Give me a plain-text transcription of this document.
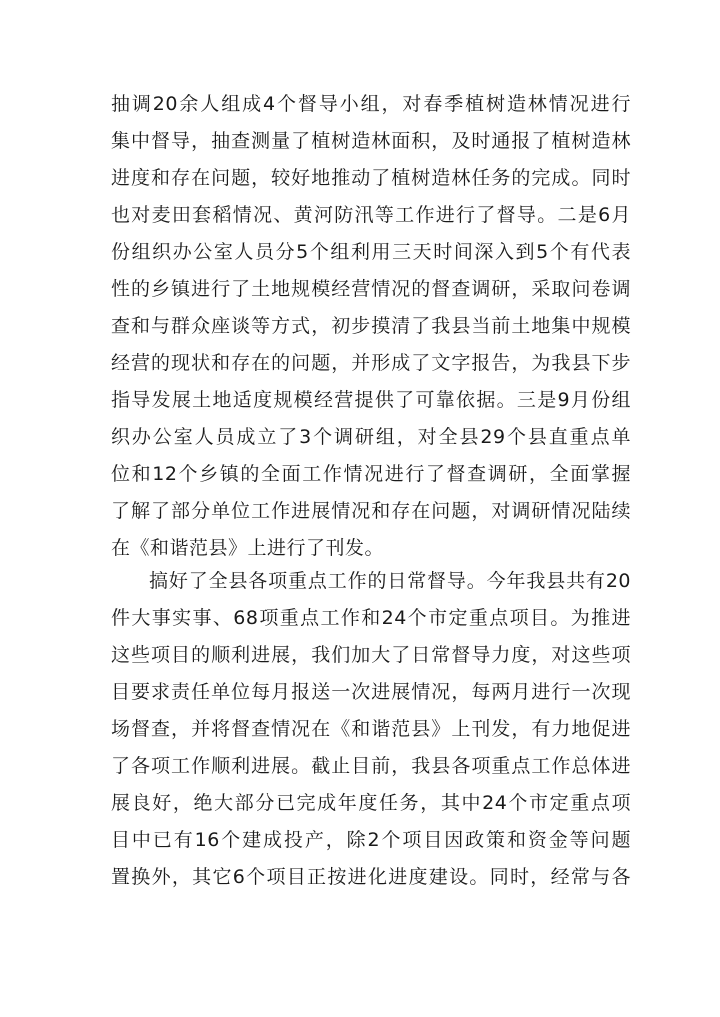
抽调20余人组成4个督导小组，对春季植树造林情况进行
集中督导，抽查测量了植树造林面积，及时通报了植树造林
进度和存在问题，较好地推动了植树造林任务的完成。同时
也对麦田套稻情况、黄河防汛等工作进行了督导。二是6月
份组织办公室人员分5个组利用三天时间深入到5个有代表
性的乡镇进行了土地规模经营情况的督查调研，采取问卷调
查和与群众座谈等方式，初步摸清了我县当前土地集中规模
经营的现状和存在的问题，并形成了文字报告，为我县下步
指导发展土地适度规模经营提供了可靠依据。三是9月份组
织办公室人员成立了3个调研组，对全县29个县直重点单
位和12个乡镇的全面工作情况进行了督查调研，全面掌握
了解了部分单位工作进展情况和存在问题，对调研情况陆续
在《和谐范县》上进行了刊发。
搞好了全县各项重点工作的日常督导。今年我县共有20
件大事实事、68项重点工作和24个市定重点项目。为推进
这些项目的顺利进展，我们加大了日常督导力度，对这些项
目要求责任单位每月报送一次进展情况，每两月进行一次现
场督查，并将督查情况在《和谐范县》上刊发，有力地促进
了各项工作顺利进展。截止目前，我县各项重点工作总体进
展良好，绝大部分已完成年度任务，其中24个市定重点项
目中已有16个建成投产，除2个项目因政策和资金等问题
置换外，其它6个项目正按进化进度建设。同时，经常与各
